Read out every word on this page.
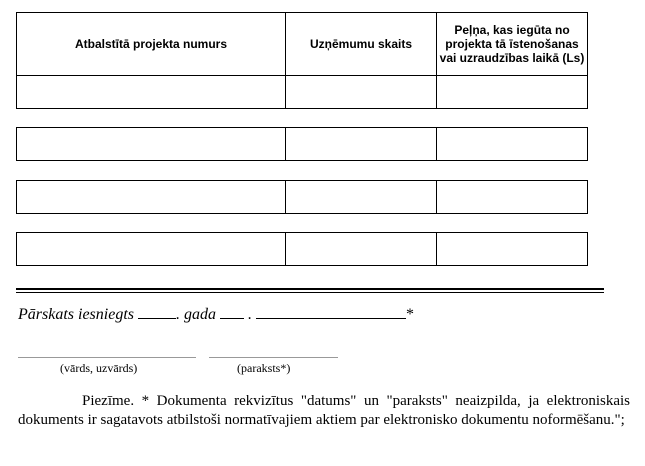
Atbalstītā projekta numurs	Uzņēmumu skaits	Peļņa, kas iegūta no projekta tā īstenošanas vai uzraudzības laikā (Ls)

Pārskats iesniegts	. gada .	*
(vārds, uzvārds)	(paraksts*)
Piezīme. * Dokumenta rekvizītus "datums" un "paraksts" neaizpilda, ja elektroniskais dokuments ir sagatavots atbilstoši normatīvajiem aktiem par elektronisko dokumentu noformēšanu.";
